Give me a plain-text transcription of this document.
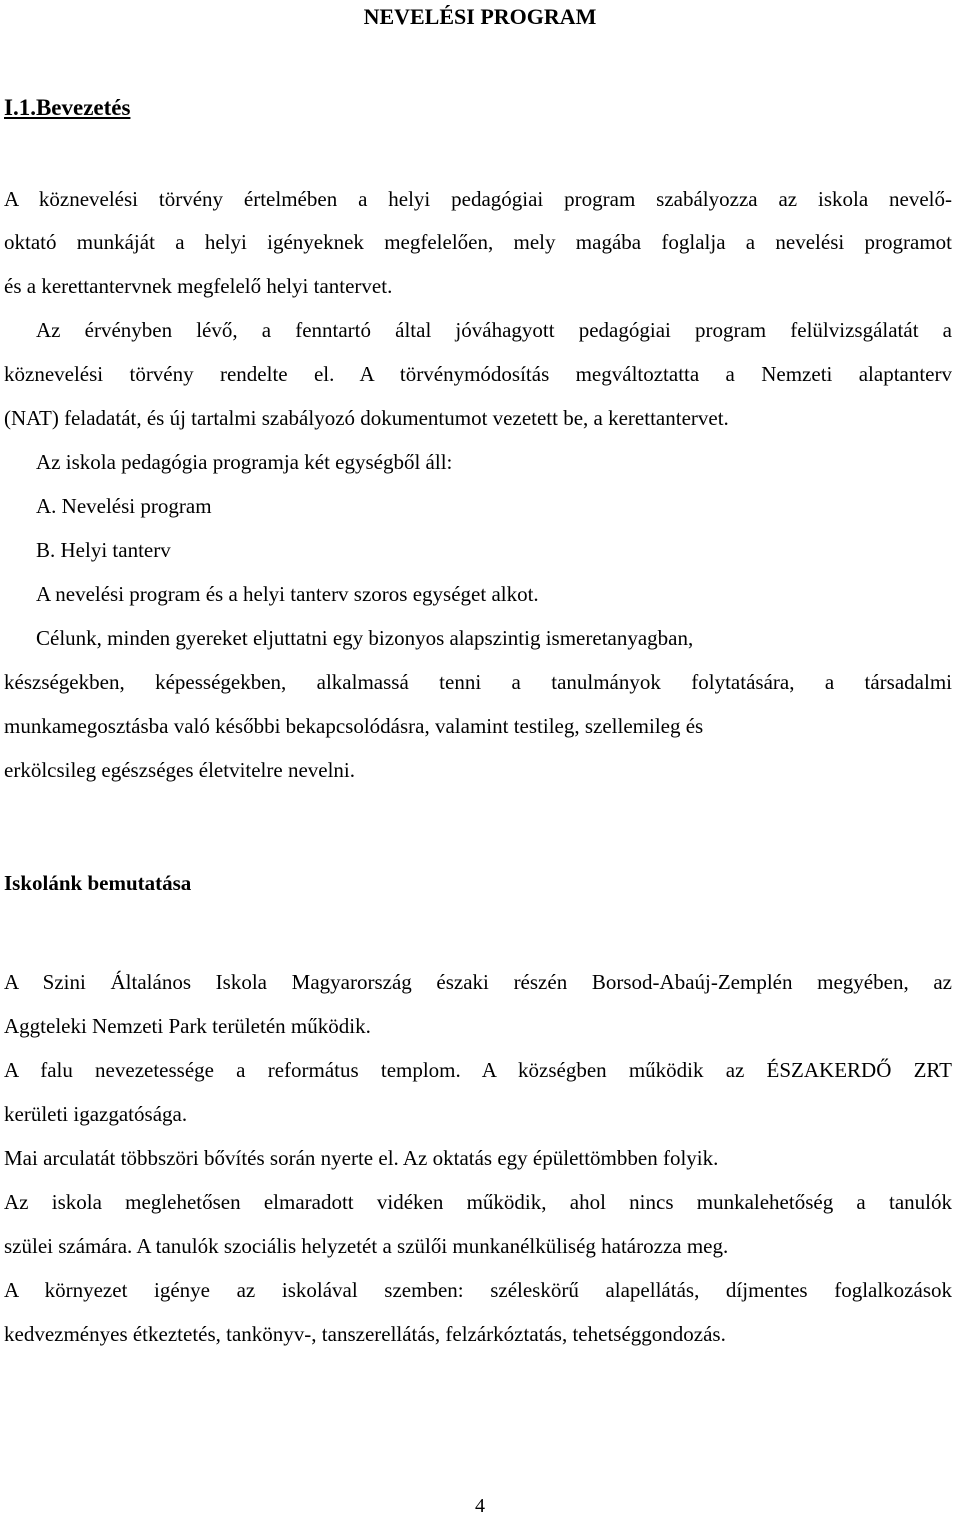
NEVELÉSI PROGRAM
I.1.Bevezetés
A köznevelési törvény értelmében a helyi pedagógiai program szabályozza az iskola nevelő-
oktató munkáját a helyi igényeknek megfelelően, mely magába foglalja a nevelési programot
és a kerettantervnek megfelelő helyi tantervet.
Az érvényben lévő, a fenntartó által jóváhagyott pedagógiai program felülvizsgálatát a
köznevelési törvény rendelte el. A törvénymódosítás megváltoztatta a Nemzeti alaptanterv
(NAT) feladatát, és új tartalmi szabályozó dokumentumot vezetett be, a kerettantervet.
Az iskola pedagógia programja két egységből áll:
A. Nevelési program
B. Helyi tanterv
A nevelési program és a helyi tanterv szoros egységet alkot.
Célunk, minden gyereket eljuttatni egy bizonyos alapszintig ismeretanyagban,
készségekben, képességekben, alkalmassá tenni a tanulmányok folytatására, a társadalmi
munkamegosztásba való későbbi bekapcsolódásra, valamint testileg, szellemileg és
erkölcsileg egészséges életvitelre nevelni.
Iskolánk bemutatása
A Szini Általános Iskola Magyarország északi részén Borsod-Abaúj-Zemplén megyében, az
Aggteleki Nemzeti Park területén működik.
A falu nevezetessége a református templom. A községben működik az ÉSZAKERDŐ ZRT
kerületi igazgatósága.
Mai arculatát többszöri bővítés során nyerte el. Az oktatás egy épülettömbben folyik.
Az iskola meglehetősen elmaradott vidéken működik, ahol nincs munkalehetőség a tanulók
szülei számára. A tanulók szociális helyzetét a szülői munkanélküliség határozza meg.
A környezet igénye az iskolával szemben: széleskörű alapellátás, díjmentes foglalkozások
kedvezményes étkeztetés, tankönyv-, tanszerellátás, felzárkóztatás, tehetséggondozás.
4
